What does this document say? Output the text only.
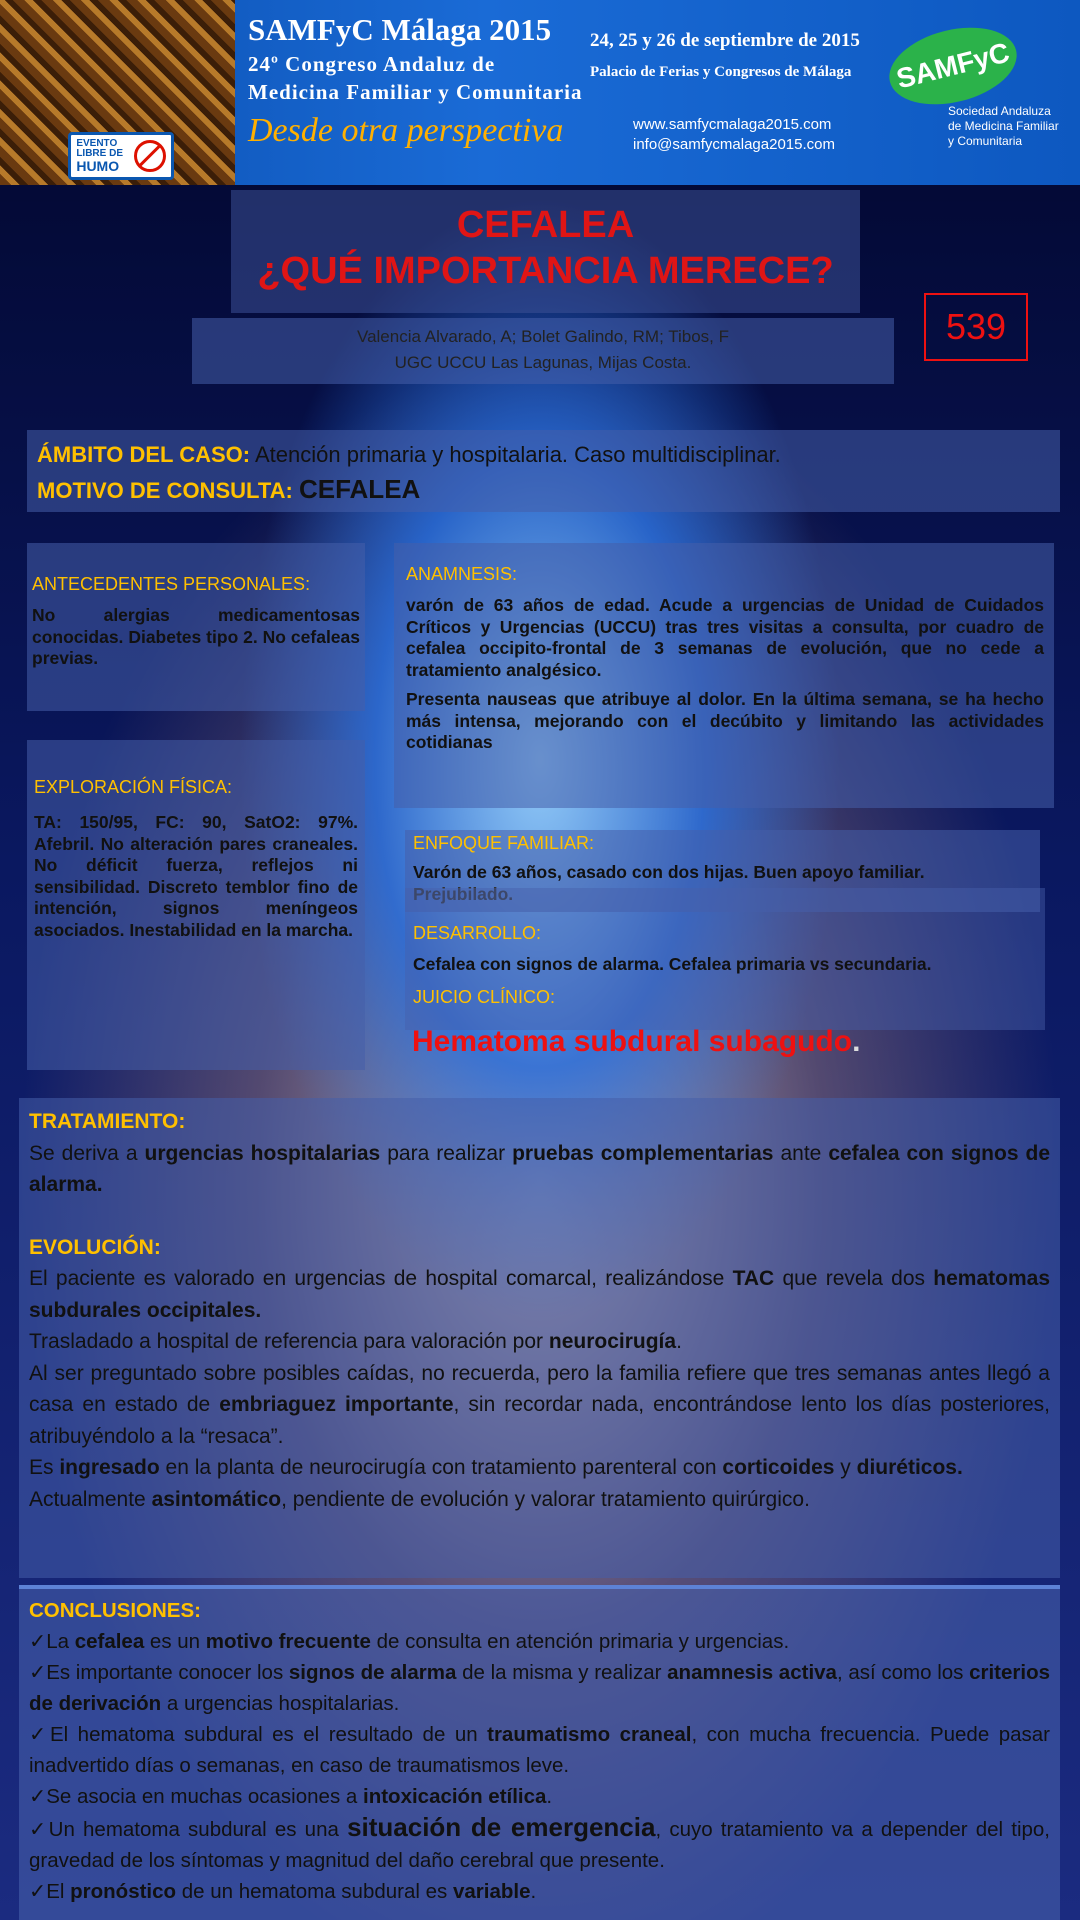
EVENTO
LIBRE DE
HUMO
SAMFyC Málaga 2015
24º Congreso Andaluz de
Medicina Familiar y Comunitaria
Desde otra perspectiva
24, 25 y 26 de septiembre de 2015
Palacio de Ferias y Congresos de Málaga
www.samfycmalaga2015.com
info@samfycmalaga2015.com
SAMFyC
Sociedad Andaluza
de Medicina Familiar
y Comunitaria
CEFALEA
¿QUÉ IMPORTANCIA MERECE?
Valencia Alvarado, A; Bolet Galindo, RM; Tibos, F
UGC UCCU Las Lagunas, Mijas Costa.
539
ÁMBITO DEL CASO: Atención primaria y hospitalaria. Caso multidisciplinar.
MOTIVO DE CONSULTA: CEFALEA
ANTECEDENTES PERSONALES:
No alergias medicamentosas conocidas. Diabetes tipo 2. No cefaleas previas.
EXPLORACIÓN FÍSICA:
TA: 150/95, FC: 90, SatO2: 97%. Afebril. No alteración pares craneales. No déficit fuerza, reflejos ni sensibilidad. Discreto temblor fino de intención, signos meníngeos asociados. Inestabilidad en la marcha.
ANAMNESIS:
varón de 63 años de edad. Acude a urgencias de Unidad de Cuidados Críticos y Urgencias (UCCU) tras tres visitas a consulta, por cuadro de cefalea occipito-frontal de 3 semanas de evolución, que no cede a tratamiento analgésico.
Presenta nauseas que atribuye al dolor. En la última semana, se ha hecho más intensa, mejorando con el decúbito y limitando las actividades cotidianas
ENFOQUE FAMILIAR:
Varón de 63 años, casado con dos hijas. Buen apoyo familiar.
Prejubilado.
DESARROLLO:
Cefalea con signos de alarma. Cefalea primaria vs secundaria.
JUICIO CLÍNICO:
Hematoma subdural subagudo.

TRATAMIENTO:

Se deriva a urgencias hospitalarias para realizar pruebas complementarias ante cefalea con signos de alarma.

EVOLUCIÓN:

El paciente es valorado en urgencias de hospital comarcal, realizándose TAC que revela dos hematomas subdurales occipitales.

Trasladado a hospital de referencia para valoración por neurocirugía.

Al ser preguntado sobre posibles caídas, no recuerda, pero la familia refiere que tres semanas antes llegó a casa en estado de embriaguez importante, sin recordar nada, encontrándose lento los días posteriores, atribuyéndolo a la “resaca”.

Es ingresado en la planta de neurocirugía con tratamiento parenteral con corticoides y diuréticos.

Actualmente asintomático, pendiente de evolución y valorar tratamiento quirúrgico.

CONCLUSIONES:

✓La cefalea es un motivo frecuente de consulta en atención primaria y urgencias.

✓Es importante conocer los signos de alarma de la misma y realizar anamnesis activa, así como los criterios de derivación a urgencias hospitalarias.

✓El hematoma subdural es el resultado de un traumatismo craneal, con mucha frecuencia. Puede pasar inadvertido días o semanas, en caso de traumatismos leve.

✓Se asocia en muchas ocasiones a intoxicación etílica.

✓Un hematoma subdural es una situación de emergencia, cuyo tratamiento va a depender del tipo, gravedad de los síntomas y magnitud del daño cerebral que presente.

✓El pronóstico de un hematoma subdural es variable.
